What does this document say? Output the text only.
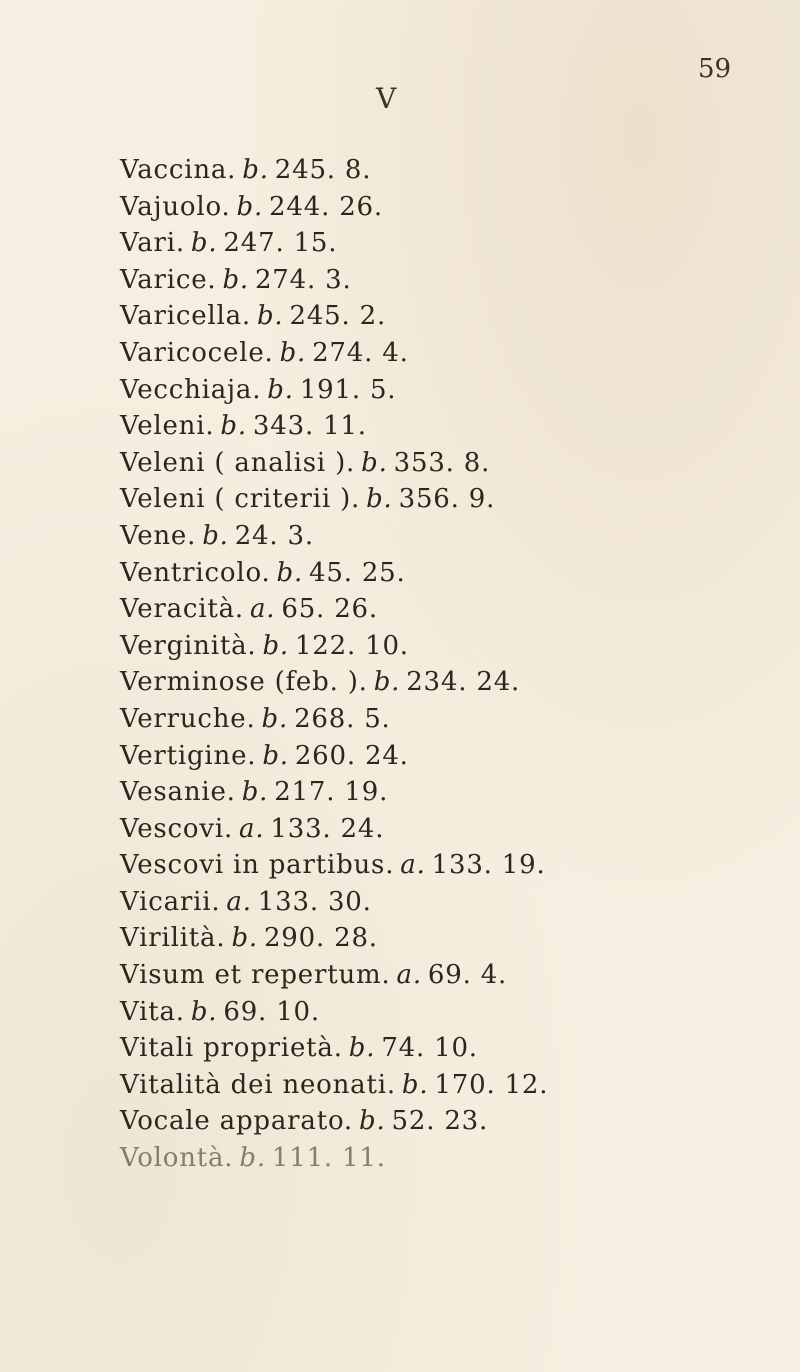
59
V
Vaccina. b. 245. 8.
Vajuolo. b. 244. 26.
Vari. b. 247. 15.
Varice. b. 274. 3.
Varicella. b. 245. 2.
Varicocele. b. 274. 4.
Vecchiaja. b. 191. 5.
Veleni. b. 343. 11.
Veleni ( analisi ). b. 353. 8.
Veleni ( criterii ). b. 356. 9.
Vene. b. 24. 3.
Ventricolo. b. 45. 25.
Veracità. a. 65. 26.
Verginità. b. 122. 10.
Verminose (feb. ). b. 234. 24.
Verruche. b. 268. 5.
Vertigine. b. 260. 24.
Vesanie. b. 217. 19.
Vescovi. a. 133. 24.
Vescovi in partibus. a. 133. 19.
Vicarii. a. 133. 30.
Virilità. b. 290. 28.
Visum et repertum. a. 69. 4.
Vita. b. 69. 10.
Vitali proprietà. b. 74. 10.
Vitalità dei neonati. b. 170. 12.
Vocale apparato. b. 52. 23.
Volontà. b. 111. 11.
